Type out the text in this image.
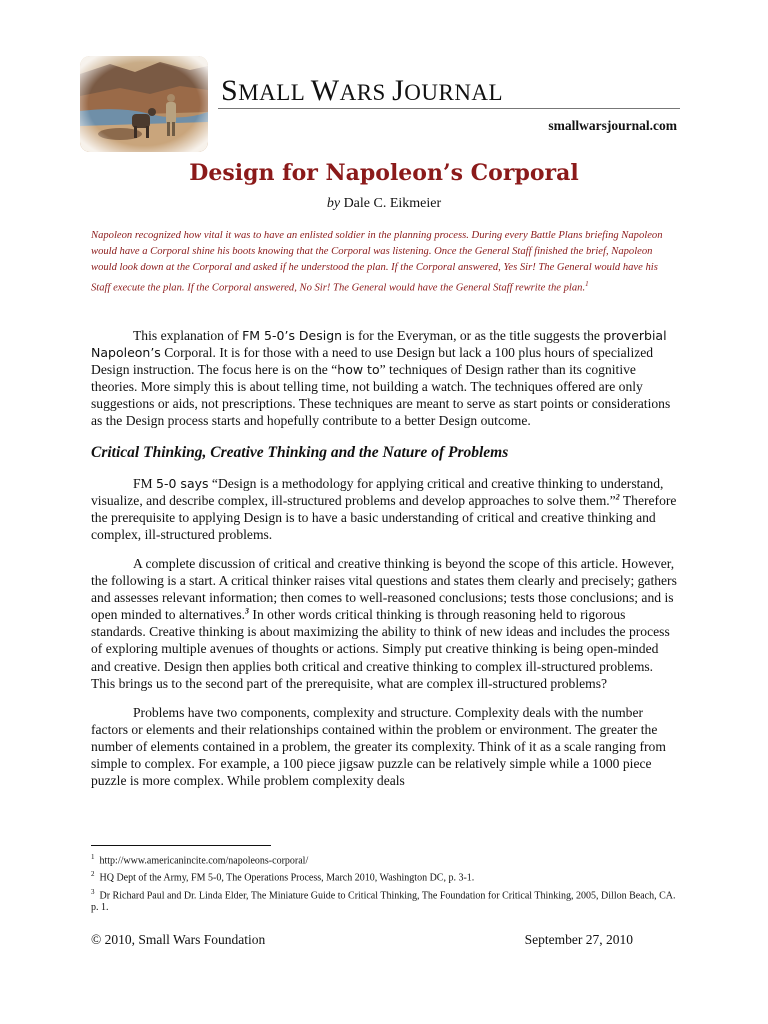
SMALL WARS JOURNAL
smallwarsjournal.com
Design for Napoleon’s Corporal
by Dale C. Eikmeier
Napoleon recognized how vital it was to have an enlisted soldier in the planning process. During every Battle Plans briefing Napoleon would have a Corporal shine his boots knowing that the Corporal was listening. Once the General Staff finished the brief, Napoleon would look down at the Corporal and asked if he understood the plan. If the Corporal answered, Yes Sir! The General would have his Staff execute the plan. If the Corporal answered, No Sir! The General would have the General Staff rewrite the plan.$^1$

This explanation of FM 5-0’s Design is for the Everyman, or as the title suggests the proverbial Napoleon’s Corporal. It is for those with a need to use Design but lack a 100 plus hours of specialized Design instruction. The focus here is on the “how to” techniques of Design rather than its cognitive theories. More simply this is about telling time, not building a watch. The techniques offered are only suggestions or aids, not prescriptions. These techniques are meant to serve as start points or considerations as the Design process starts and hopefully contribute to a better Design outcome.

Critical Thinking, Creative Thinking and the Nature of Problems

FM 5-0 says “Design is a methodology for applying critical and creative thinking to understand, visualize, and describe complex, ill-structured problems and develop approaches to solve them.”$^2$ Therefore the prerequisite to applying Design is to have a basic understanding of critical and creative thinking and complex, ill-structured problems.

A complete discussion of critical and creative thinking is beyond the scope of this article. However, the following is a start. A critical thinker raises vital questions and states them clearly and precisely; gathers and assesses relevant information; then comes to well-reasoned conclusions; tests those conclusions; and is open minded to alternatives.$^3$ In other words critical thinking is through reasoning held to rigorous standards. Creative thinking is about maximizing the ability to think of new ideas and includes the process of exploring multiple avenues of thoughts or actions. Simply put creative thinking is being open-minded and creative. Design then applies both critical and creative thinking to complex ill-structured problems. This brings us to the second part of the prerequisite, what are complex ill-structured problems?

Problems have two components, complexity and structure. Complexity deals with the number factors or elements and their relationships contained within the problem or environment. The greater the number of elements contained in a problem, the greater its complexity. Think of it as a scale ranging from simple to complex. For example, a 100 piece jigsaw puzzle can be relatively simple while a 1000 piece puzzle is more complex. While problem complexity deals

$^1$ http://www.americanincite.com/napoleons-corporal/
$^2$ HQ Dept of the Army, FM 5-0, The Operations Process, March 2010, Washington DC, p. 3-1.
$^3$ Dr Richard Paul and Dr. Linda Elder, The Miniature Guide to Critical Thinking, The Foundation for Critical Thinking, 2005, Dillon Beach, CA. p. 1.
© 2010, Small Wars Foundation	September 27, 2010
